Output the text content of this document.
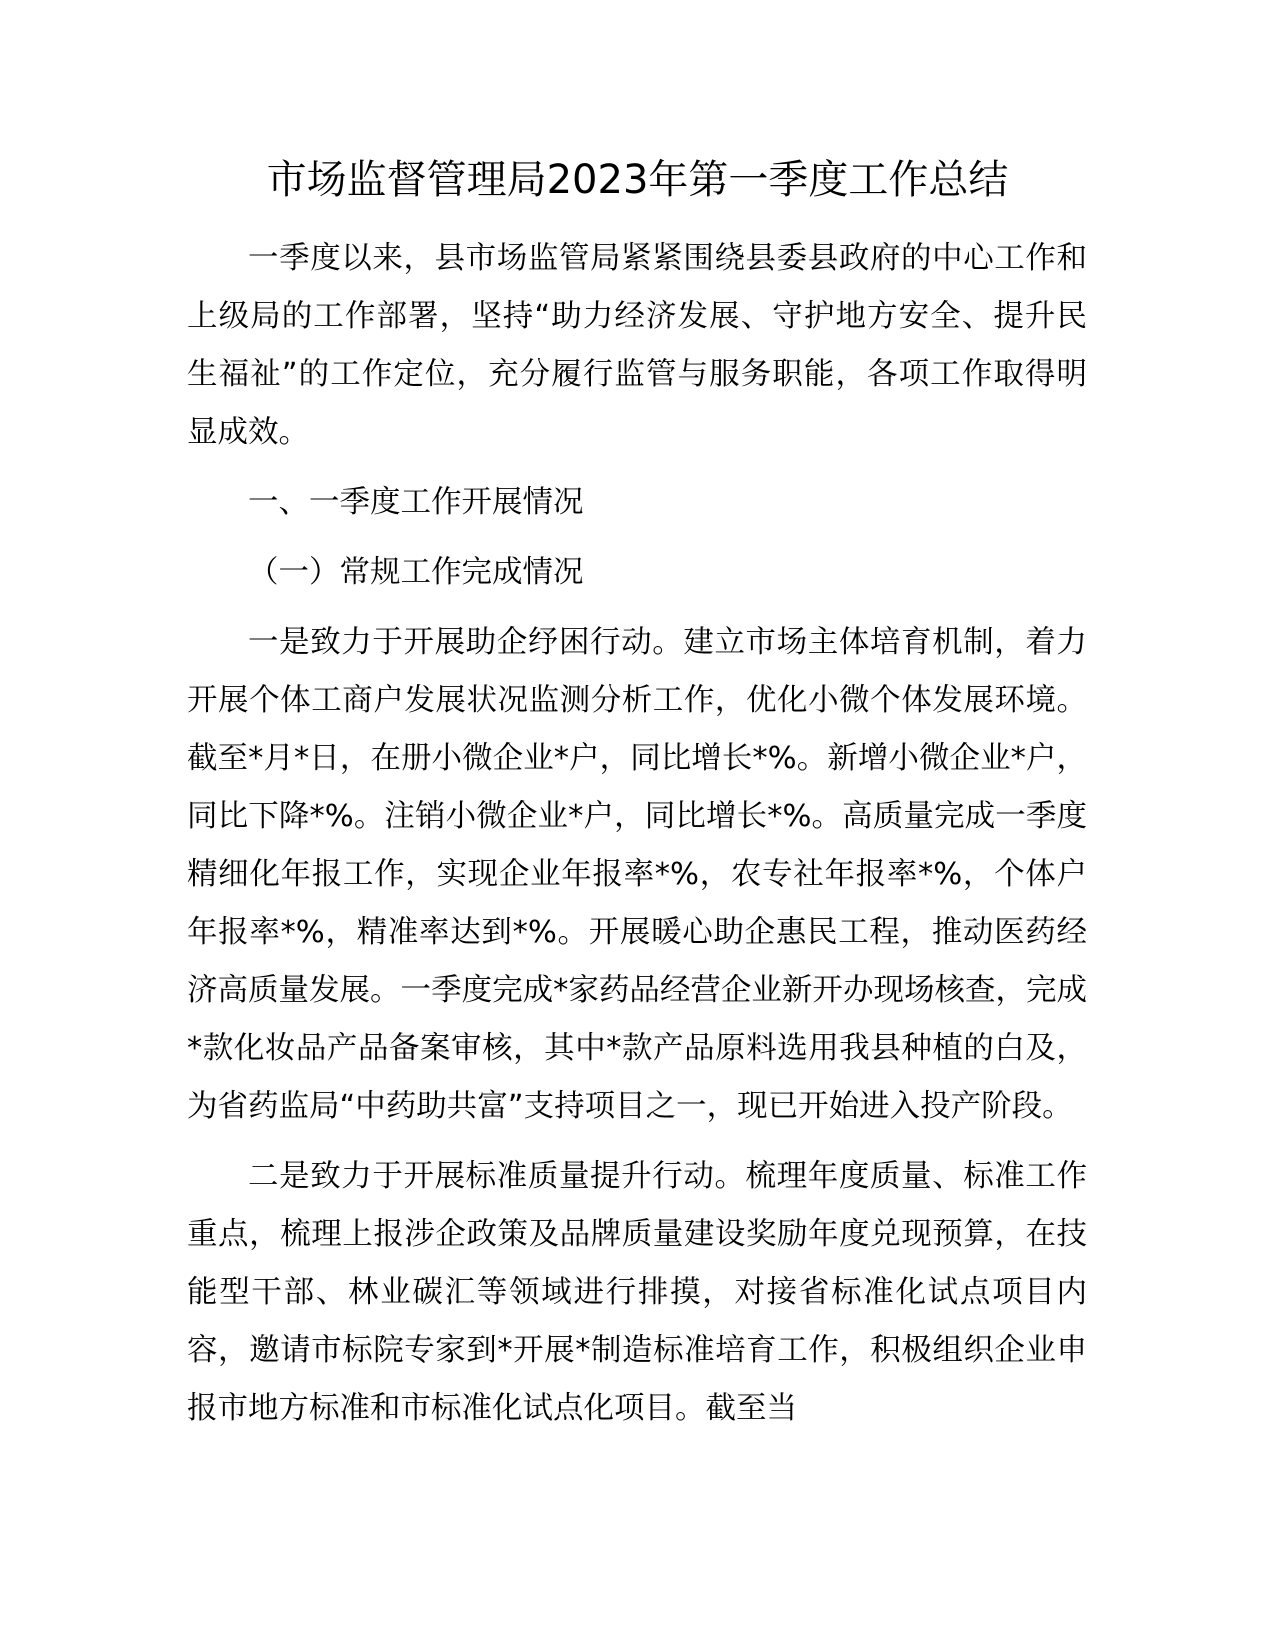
市场监督管理局2023年第一季度工作总结

一季度以来，县市场监管局紧紧围绕县委县政府的中心工作和上级局的工作部署，坚持“助力经济发展、守护地方安全、提升民生福祉”的工作定位，充分履行监管与服务职能，各项工作取得明显成效。

一、一季度工作开展情况

（一）常规工作完成情况

一是致力于开展助企纾困行动。建立市场主体培育机制，着力开展个体工商户发展状况监测分析工作，优化小微个体发展环境。截至*月*日，在册小微企业*户，同比增长*%。新增小微企业*户，同比下降*%。注销小微企业*户，同比增长*%。高质量完成一季度精细化年报工作，实现企业年报率*%，农专社年报率*%，个体户年报率*%，精准率达到*%。开展暖心助企惠民工程，推动医药经济高质量发展。一季度完成*家药品经营企业新开办现场核查，完成*款化妆品产品备案审核，其中*款产品原料选用我县种植的白及，为省药监局“中药助共富”支持项目之一，现已开始进入投产阶段。

二是致力于开展标准质量提升行动。梳理年度质量、标准工作重点，梳理上报涉企政策及品牌质量建设奖励年度兑现预算，在技能型干部、林业碳汇等领域进行排摸，对接省标准化试点项目内容，邀请市标院专家到*开展*制造标准培育工作，积极组织企业申报市地方标准和市标准化试点化项目。截至当
